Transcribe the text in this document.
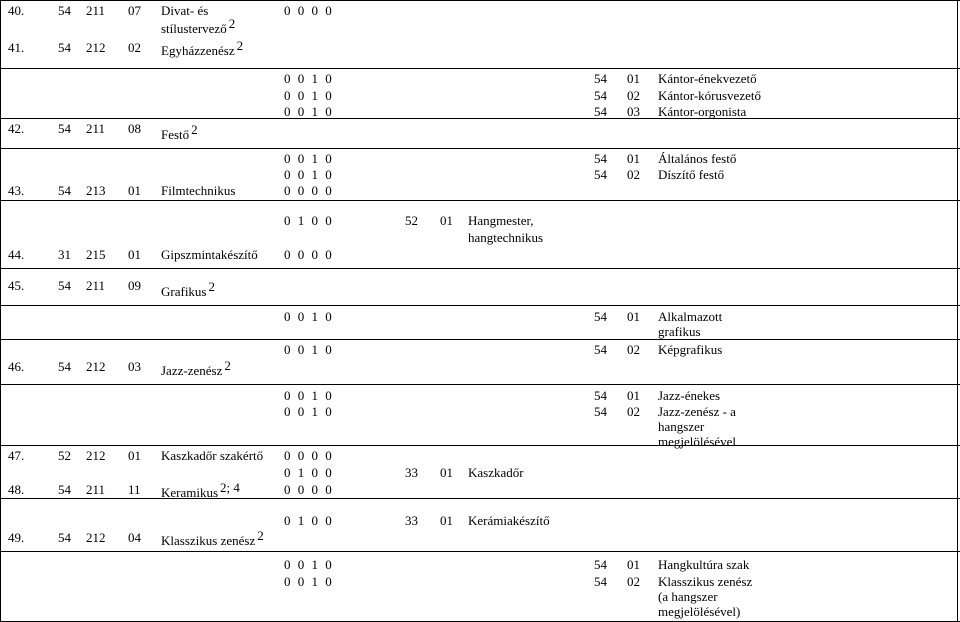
40.	54 211 07 Divat- és
stílustervező 2
0 0 0 0
41.	54 212 02 Egyházzenész 2
0 0 1 0	54 01 Kántor-énekvezető
0 0 1 0	54 02 Kántor-kórusvezető
0 0 1 0	54 03 Kántor-orgonista
42.	54 211 08 Festő 2
0 0 1 0	54 01 Általános festő
0 0 1 0	54 02 Díszítő festő
43.	54 213 01 Filmtechnikus	0 0 0 0
0 1 0 0	52 01 Hangmester,
hangtechnikus
44.	31 215 01 Gipszmintakészítő 0 0 0 0
45.	54 211 09 Grafikus 2
0 0 1 0	54 01 Alkalmazott
grafikus
0 0 1 0	54 02 Képgrafikus
46.	54 212 03 Jazz-zenész 2
0 0 1 0	54 01 Jazz-énekes
0 0 1 0	54 02 Jazz-zenész - a
hangszer
megjelölésével
47.	52 212 01 Kaszkadőr szakértő 0 0 0 0
0 1 0 0	33 01 Kaszkadőr
48.	54 211 11 Keramikus 2; 4	0 0 0 0
0 1 0 0	33 01 Kerámiakészítő
49.	54 212 04 Klasszikus zenész 2
0 0 1 0	54 01 Hangkultúra szak
0 0 1 0	54 02 Klasszikus zenész
(a hangszer
megjelölésével)
